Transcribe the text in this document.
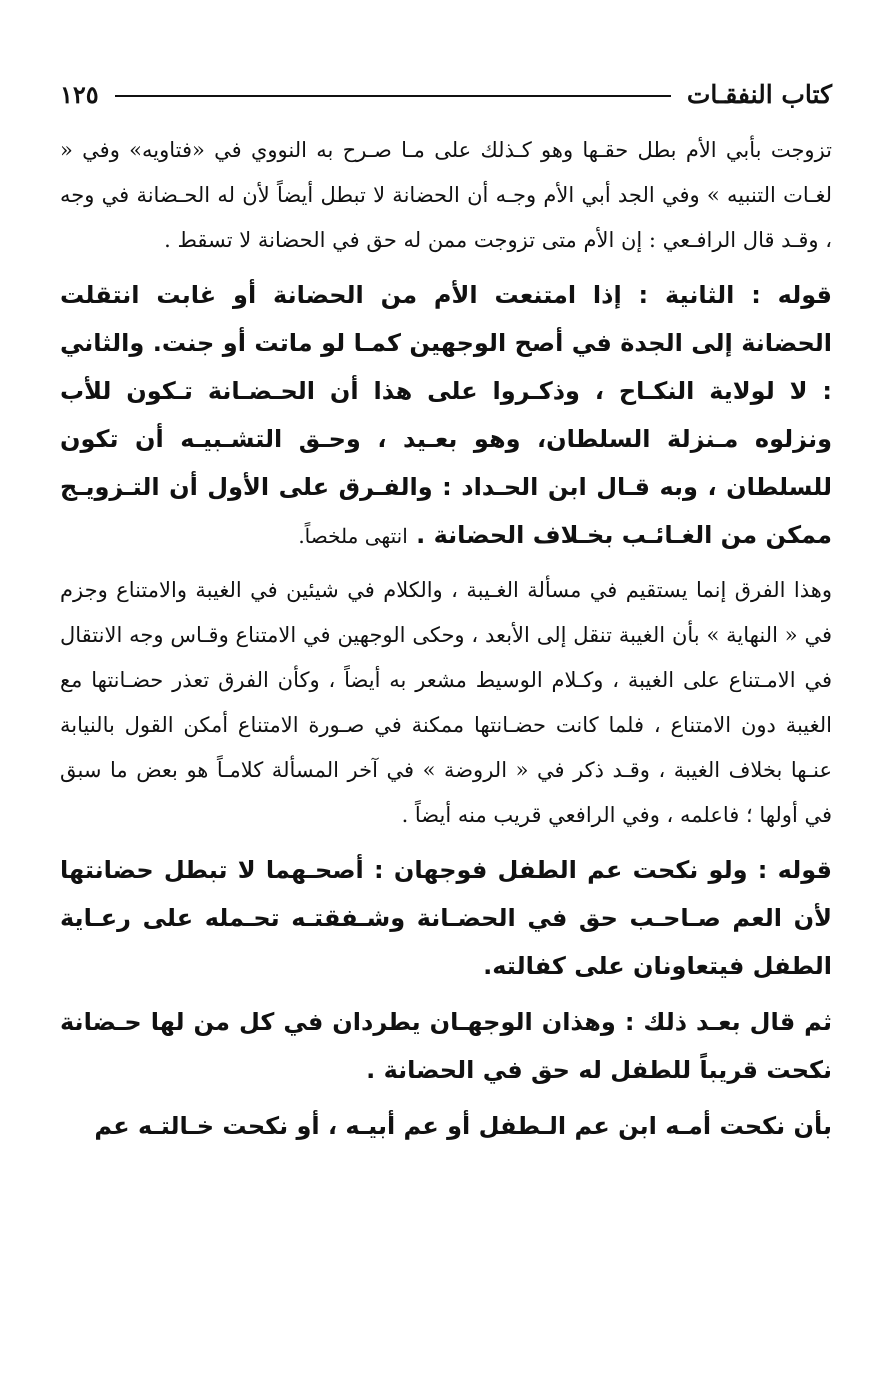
كتاب النفقـات
١٢٥

تزوجت بأبي الأم بطل حقـها وهو كـذلك على مـا صـرح به النووي في «فتاويه» وفي « لغـات التنبيه » وفي الجد أبي الأم وجـه أن الحضانة لا تبطل أيضاً لأن له الحـضانة في وجه ، وقـد قال الرافـعي : إن الأم متى تزوجت ممن له حق في الحضانة لا تسقط .

قوله : الثانية : إذا امتنعت الأم من الحضانة أو غابت انتقلت الحضانة إلى الجدة في أصح الوجهين كمـا لو ماتت أو جنت. والثاني : لا لولاية النكـاح ، وذكـروا على هذا أن الحـضـانة تـكون للأب ونزلوه مـنزلة السلطان، وهو بعـيد ، وحـق التشـبيـه أن تكون للسلطان ، وبه قـال ابن الحـداد : والفـرق على الأول أن التـزويـج ممكن من الغـائـب بخـلاف الحضانة . انتهى ملخصاً.

وهذا الفرق إنما يستقيم في مسألة الغـيبة ، والكلام في شيئين في الغيبة والامتناع وجزم في « النهاية » بأن الغيبة تنقل إلى الأبعد ، وحكى الوجهين في الامتناع وقـاس وجه الانتقال في الامـتناع على الغيبة ، وكـلام الوسيط مشعر به أيضاً ، وكأن الفرق تعذر حضـانتها مع الغيبة دون الامتناع ، فلما كانت حضـانتها ممكنة في صـورة الامتناع أمكن القول بالنيابة عنـها بخلاف الغيبة ، وقـد ذكر في « الروضة » في آخر المسألة كلامـاً هو بعض ما سبق في أولها ؛ فاعلمه ، وفي الرافعي قريب منه أيضاً .

قوله : ولو نكحت عم الطفل فوجهان : أصحـهما لا تبطل حضانتها لأن العم صـاحـب حق في الحضـانة وشـفقتـه تحـمله على رعـاية الطفل فيتعاونان على كفالته.

ثم قال بعـد ذلك : وهذان الوجهـان يطردان في كل من لها حـضانة نكحت قريباً للطفل له حق في الحضانة .

بأن نكحت أمـه ابن عم الـطفل أو عم أبيـه ، أو نكحت خـالتـه عم
